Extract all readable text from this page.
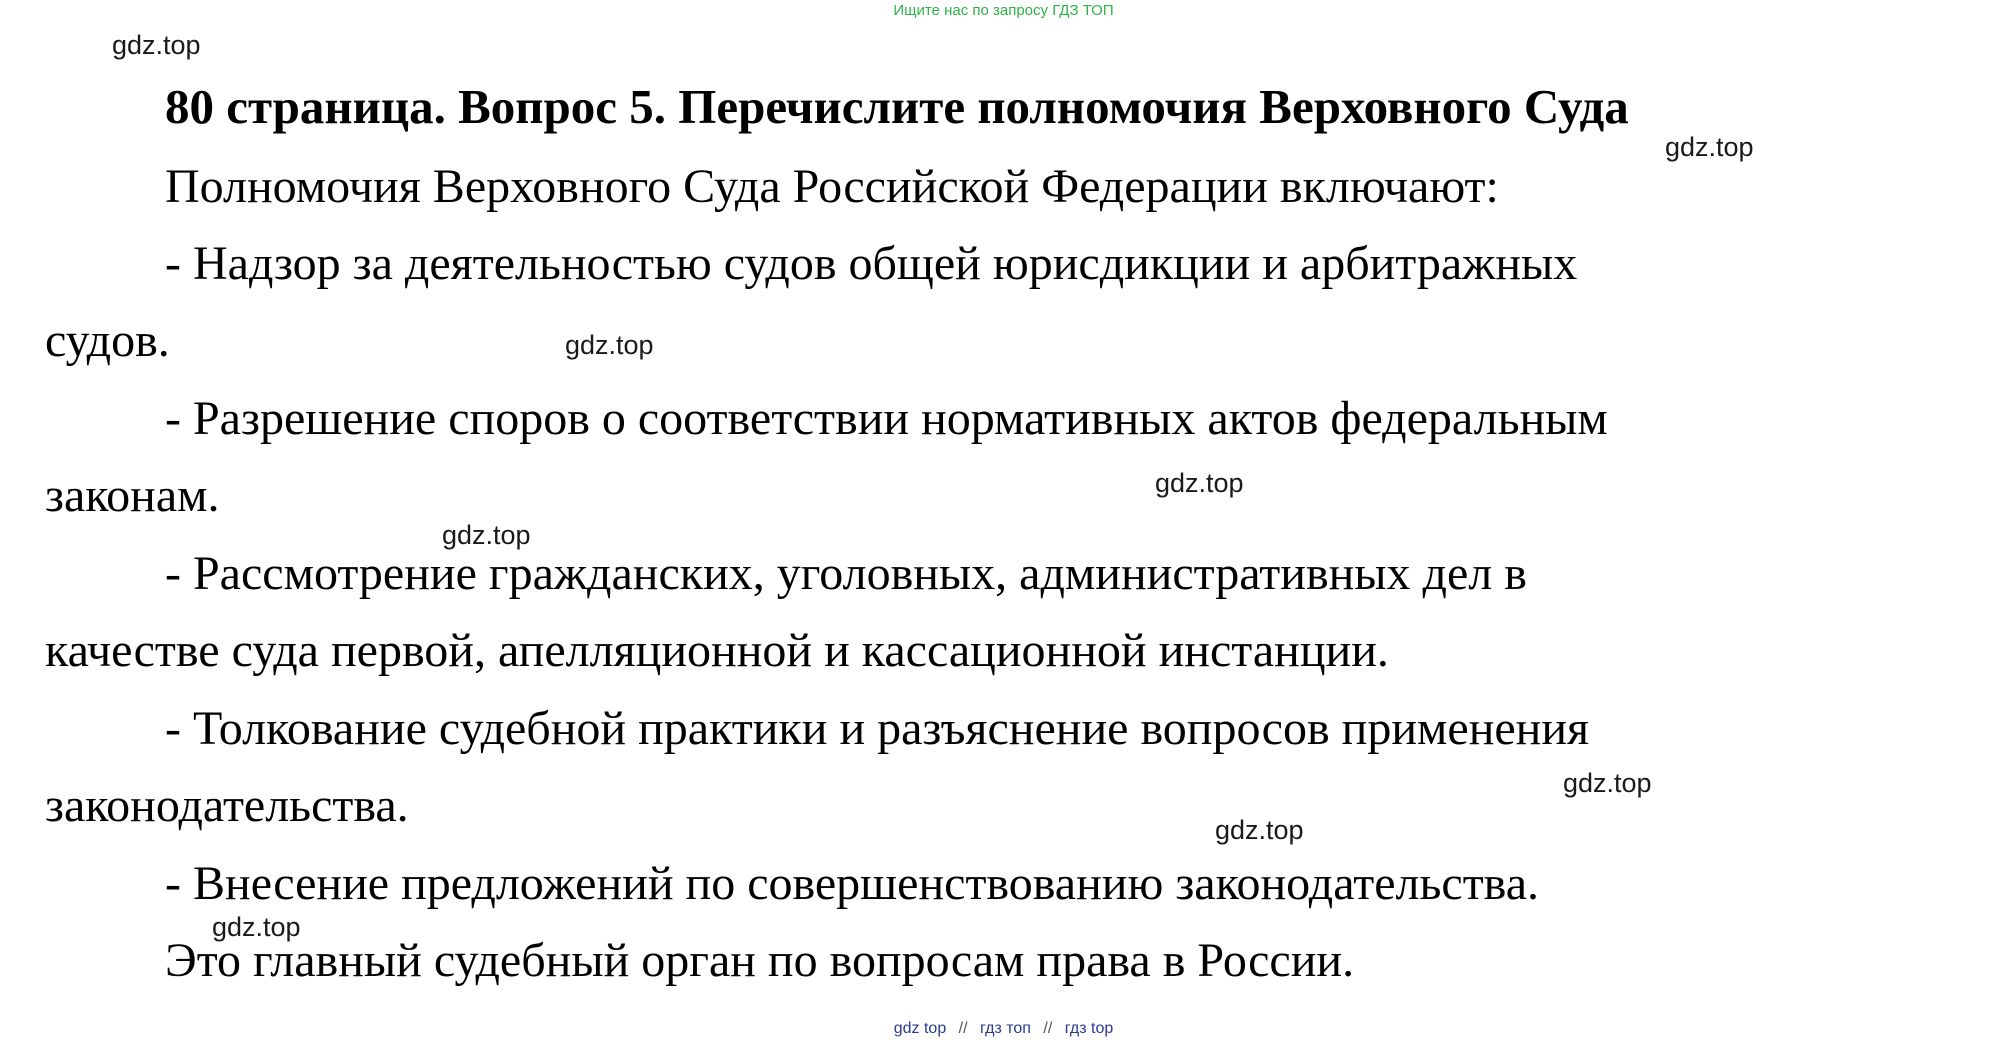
Ищите нас по запросу ГДЗ ТОП
80 страница. Вопрос 5. Перечислите полномочия Верховного Суда
Полномочия Верховного Суда Российской Федерации включают:
- Надзор за деятельностью судов общей юрисдикции и арбитражных
судов.
- Разрешение споров о соответствии нормативных актов федеральным
законам.
- Рассмотрение гражданских, уголовных, административных дел в
качестве суда первой, апелляционной и кассационной инстанции.
- Толкование судебной практики и разъяснение вопросов применения
законодательства.
- Внесение предложений по совершенствованию законодательства.
Это главный судебный орган по вопросам права в России.
gdz.top
gdz.top
gdz.top
gdz.top
gdz.top
gdz.top
gdz.top
gdz.top
gdz top // гдз топ // гдз top
